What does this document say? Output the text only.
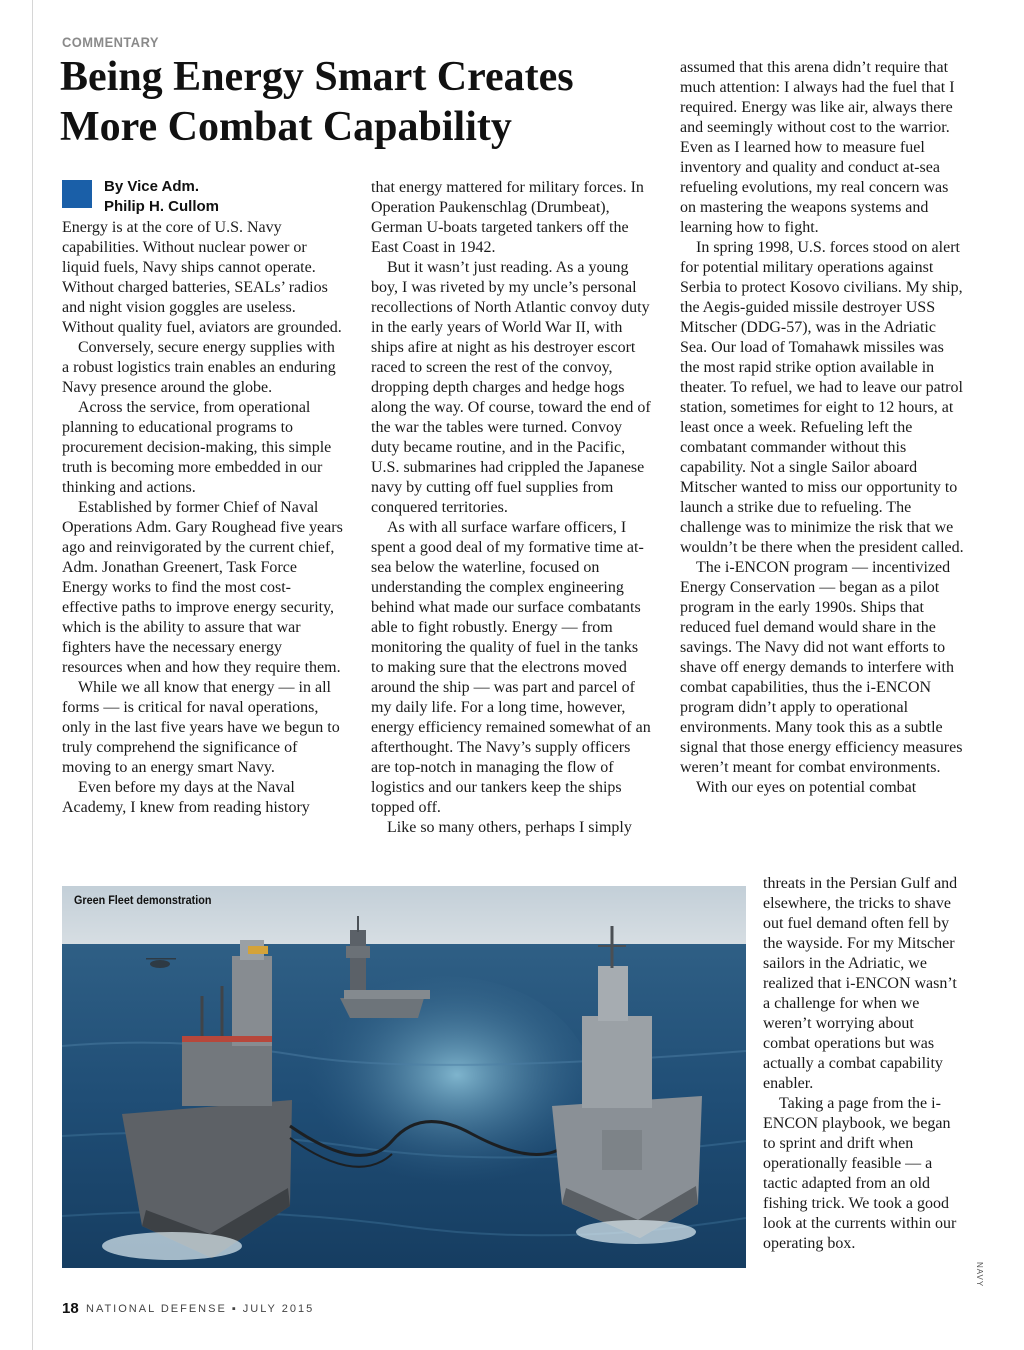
COMMENTARY
Being Energy Smart Creates More Combat Capability
By Vice Adm.
Philip H. Cullom

Energy is at the core of U.S. Navy capabilities. Without nuclear power or liquid fuels, Navy ships cannot operate. Without charged batteries, SEALs’ radios and night vision goggles are useless. Without quality fuel, aviators are grounded.

Conversely, secure energy supplies with a robust logistics train enables an enduring Navy presence around the globe.

Across the service, from operational planning to educational programs to procurement decision-making, this simple truth is becoming more embedded in our thinking and actions.

Established by former Chief of Naval Operations Adm. Gary Roughead five years ago and reinvigorated by the current chief, Adm. Jonathan Greenert, Task Force Energy works to find the most cost-effective paths to improve energy security, which is the ability to assure that war fighters have the necessary energy resources when and how they require them.

While we all know that energy — in all forms — is critical for naval operations, only in the last five years have we begun to truly comprehend the significance of moving to an energy smart Navy.

Even before my days at the Naval Academy, I knew from reading history

that energy mattered for military forces. In Operation Paukenschlag (Drumbeat), German U-boats targeted tankers off the East Coast in 1942.

But it wasn’t just reading. As a young boy, I was riveted by my uncle’s personal recollections of North Atlantic convoy duty in the early years of World War II, with ships afire at night as his destroyer escort raced to screen the rest of the convoy, dropping depth charges and hedge hogs along the way. Of course, toward the end of the war the tables were turned. Convoy duty became routine, and in the Pacific, U.S. submarines had crippled the Japanese navy by cutting off fuel supplies from conquered territories.

As with all surface warfare officers, I spent a good deal of my formative time at-sea below the waterline, focused on understanding the complex engineering behind what made our surface combatants able to fight robustly. Energy — from monitoring the quality of fuel in the tanks to making sure that the electrons moved around the ship — was part and parcel of my daily life. For a long time, however, energy efficiency remained somewhat of an afterthought. The Navy’s supply officers are top-notch in managing the flow of logistics and our tankers keep the ships topped off.

Like so many others, perhaps I simply

assumed that this arena didn’t require that much attention: I always had the fuel that I required. Energy was like air, always there and seemingly without cost to the warrior. Even as I learned how to measure fuel inventory and quality and conduct at-sea refueling evolutions, my real concern was on mastering the weapons systems and learning how to fight.

In spring 1998, U.S. forces stood on alert for potential military operations against Serbia to protect Kosovo civilians. My ship, the Aegis-guided missile destroyer USS Mitscher (DDG-57), was in the Adriatic Sea. Our load of Tomahawk missiles was the most rapid strike option available in theater. To refuel, we had to leave our patrol station, sometimes for eight to 12 hours, at least once a week. Refueling left the combatant commander without this capability. Not a single Sailor aboard Mitscher wanted to miss our opportunity to launch a strike due to refueling. The challenge was to minimize the risk that we wouldn’t be there when the president called.

The i-ENCON program — incentivized Energy Conservation — began as a pilot program in the early 1990s. Ships that reduced fuel demand would share in the savings. The Navy did not want efforts to shave off energy demands to interfere with combat capabilities, thus the i-ENCON program didn’t apply to operational environments. Many took this as a subtle signal that those energy efficiency measures weren’t meant for combat environments.

With our eyes on potential combat

threats in the Persian Gulf and elsewhere, the tricks to shave out fuel demand often fell by the wayside. For my Mitscher sailors in the Adriatic, we realized that i-ENCON wasn’t a challenge for when we weren’t worrying about combat operations but was actually a combat capability enabler.

Taking a page from the i-ENCON playbook, we began to sprint and drift when operationally feasible — a tactic adapted from an old fishing trick. We took a good look at the currents within our operating box.

Green Fleet demonstration
NAVY
18 NATIONAL DEFENSE ▪ JULY 2015
